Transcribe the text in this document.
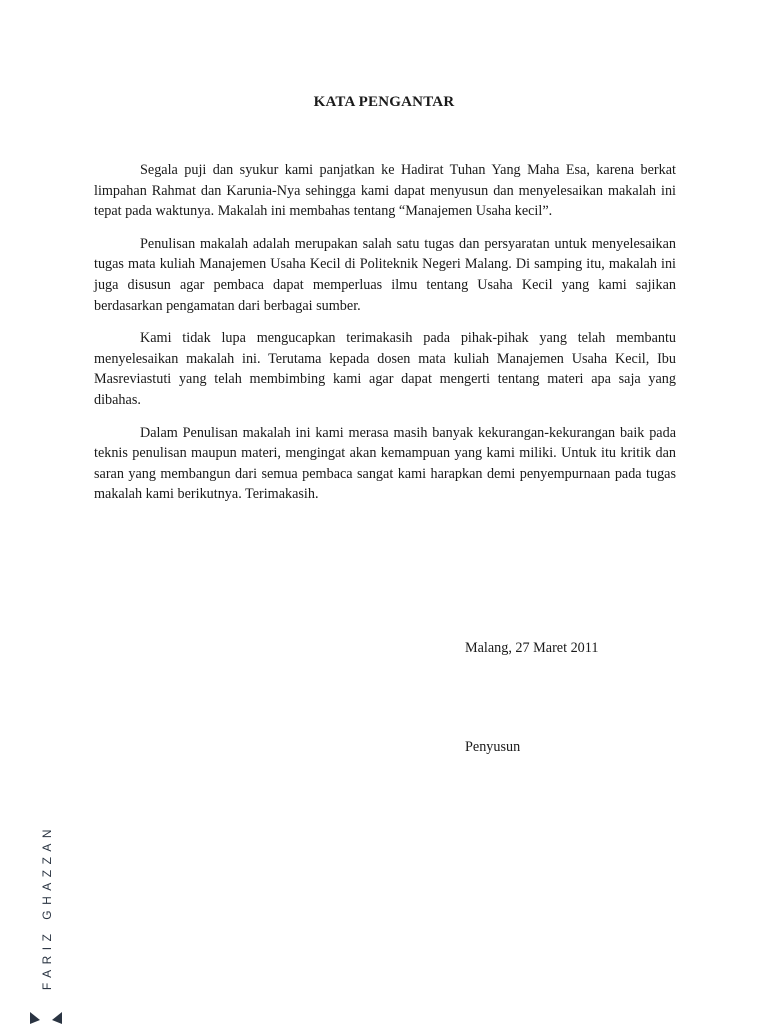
KATA PENGANTAR

Segala puji dan syukur kami panjatkan ke Hadirat Tuhan Yang Maha Esa, karena berkat limpahan Rahmat dan Karunia-Nya sehingga kami dapat menyusun dan menyelesaikan makalah ini tepat pada waktunya. Makalah ini membahas tentang “Manajemen Usaha kecil”.

Penulisan makalah adalah merupakan salah satu tugas dan persyaratan untuk menyelesaikan tugas mata kuliah Manajemen Usaha Kecil di Politeknik Negeri Malang. Di samping itu, makalah ini juga disusun agar pembaca dapat memperluas ilmu tentang Usaha Kecil yang kami sajikan berdasarkan pengamatan dari berbagai sumber.

Kami tidak lupa mengucapkan terimakasih pada pihak-pihak yang telah membantu menyelesaikan makalah ini. Terutama kepada dosen mata kuliah Manajemen Usaha Kecil, Ibu Masreviastuti yang telah membimbing kami agar dapat mengerti tentang materi apa saja yang dibahas.

Dalam Penulisan makalah ini kami merasa masih banyak kekurangan-kekurangan baik pada teknis penulisan maupun materi, mengingat akan kemampuan yang kami miliki. Untuk itu kritik dan saran yang membangun dari semua pembaca sangat kami harapkan demi penyempurnaan pada tugas makalah kami berikutnya. Terimakasih.

Malang, 27 Maret 2011
Penyusun
FARIZ GHAZZAN
